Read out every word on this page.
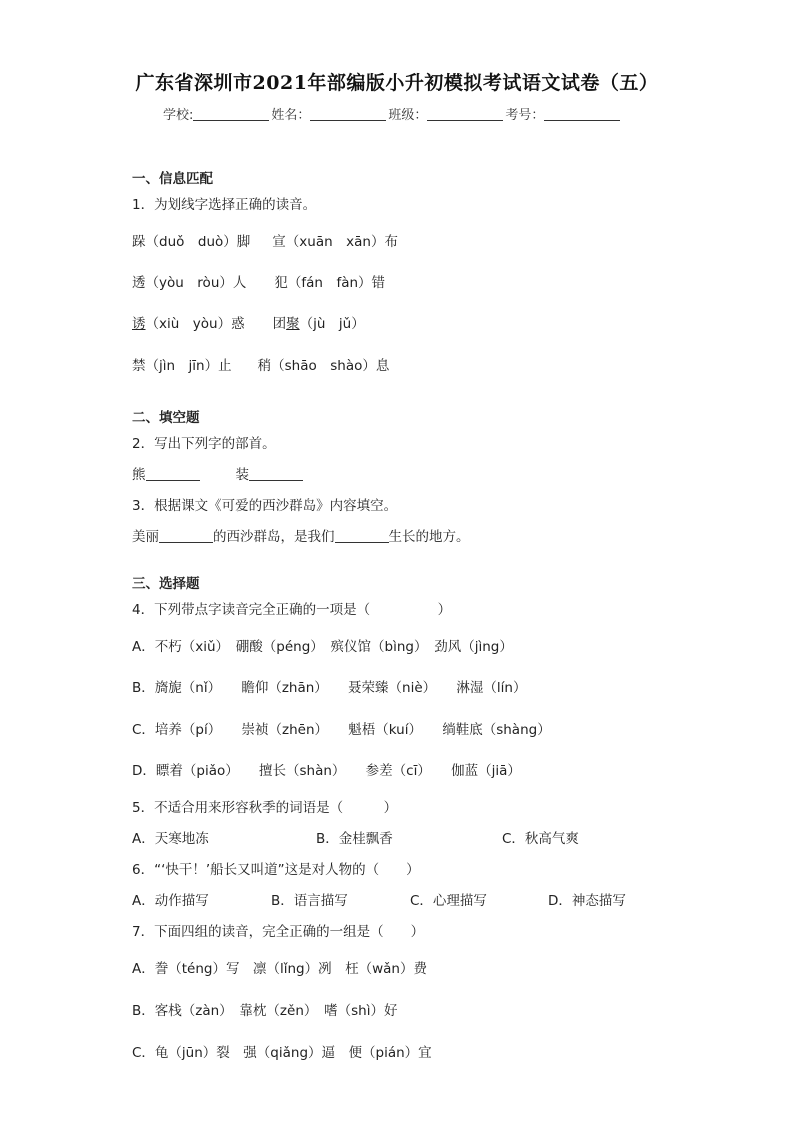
广东省深圳市2021年部编版小升初模拟考试语文试卷（五）
学校:	姓名：	班级：	考号：
一、信息匹配
1．为划线字选择正确的读音。
跺（duǒ　duò）脚 宣（xuān　xān）布
透（yòu　ròu）人 犯（fán　fàn）错
诱（xiù　yòu）惑 团聚（jù　jǔ）
禁（jìn　jīn）止 稍（shāo　shào）息
二、填空题
2．写出下列字的部首。
熊	装
3．根据课文《可爱的西沙群岛》内容填空。
美丽	的西沙群岛，是我们	生长的地方。
三、选择题
4．下列带点字读音完全正确的一项是（　　　　　）
A．不朽（xiǔ）　硼酸（péng）　殡仪馆（bìng）　劲风（jìng）
B．旖旎（nǐ）　　瞻仰（zhān）　　聂荣臻（niè）　　淋湿（lín）
C．培养（pí）　　崇祯（zhēn）　　魁梧（kuí）　　绱鞋底（shàng）
D．瞟着（piǎo）　　擅长（shàn）　　参差（cī）　　伽蓝（jiā）
5．不适合用来形容秋季的词语是（　　　）
A．天寒地冻	B．金桂飘香	C．秋高气爽
6．“‘快干！’船长又叫道”这是对人物的（　　）
A．动作描写	B．语言描写	C．心理描写	D．神态描写
7．下面四组的读音，完全正确的一组是（　　）
A．誊（téng）写　凛（lǐng）冽　枉（wǎn）费
B．客栈（zàn）　靠枕（zěn）　嗜（shì）好
C．龟（jūn）裂　强（qiǎng）逼　便（pián）宜
